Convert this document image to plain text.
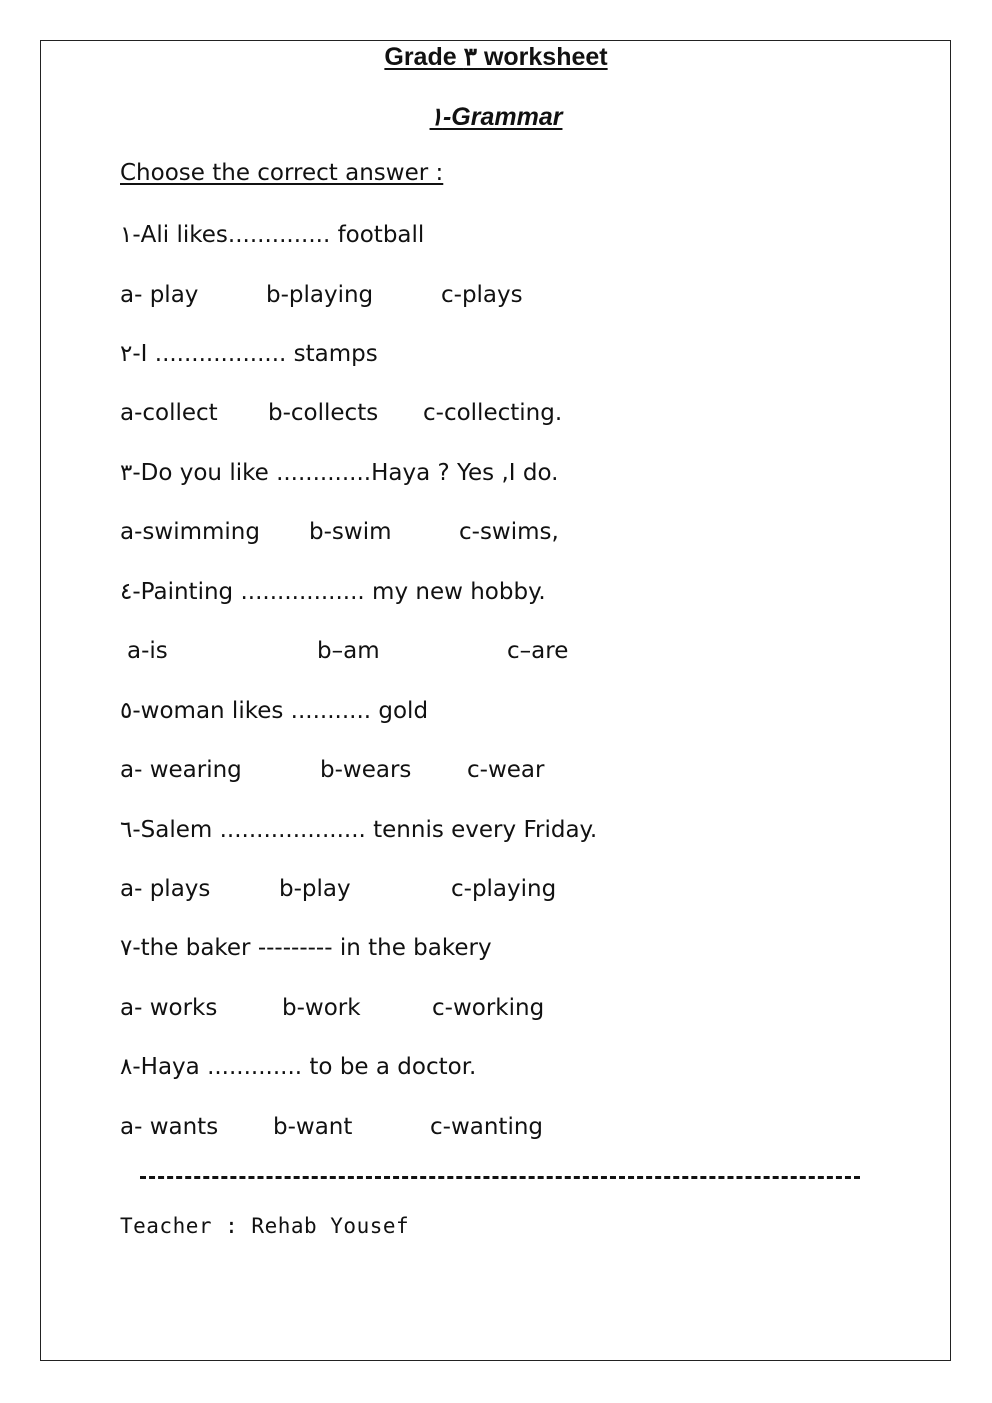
Grade ٣ worksheet
١-Grammar
Choose the correct answer :
١-Ali likes.............. football
a- play	b-playing	c-plays
٢-I .................. stamps
a-collect b-collects c-collecting.
٣-Do you like .............Haya ? Yes ,I do.
a-swimming b-swim	c-swims,
٤-Painting ................. my new hobby.
a-is	b–am	c–are
٥-woman likes ........... gold
a- wearing	b-wears c-wear
٦-Salem .................... tennis every Friday.
a- plays	b-play	c-playing
٧-the baker --------- in the bakery
a- works	b-work	c-working
٨-Haya ............. to be a doctor.
a- wants b-want	c-wanting
Teacher : Rehab Yousef
